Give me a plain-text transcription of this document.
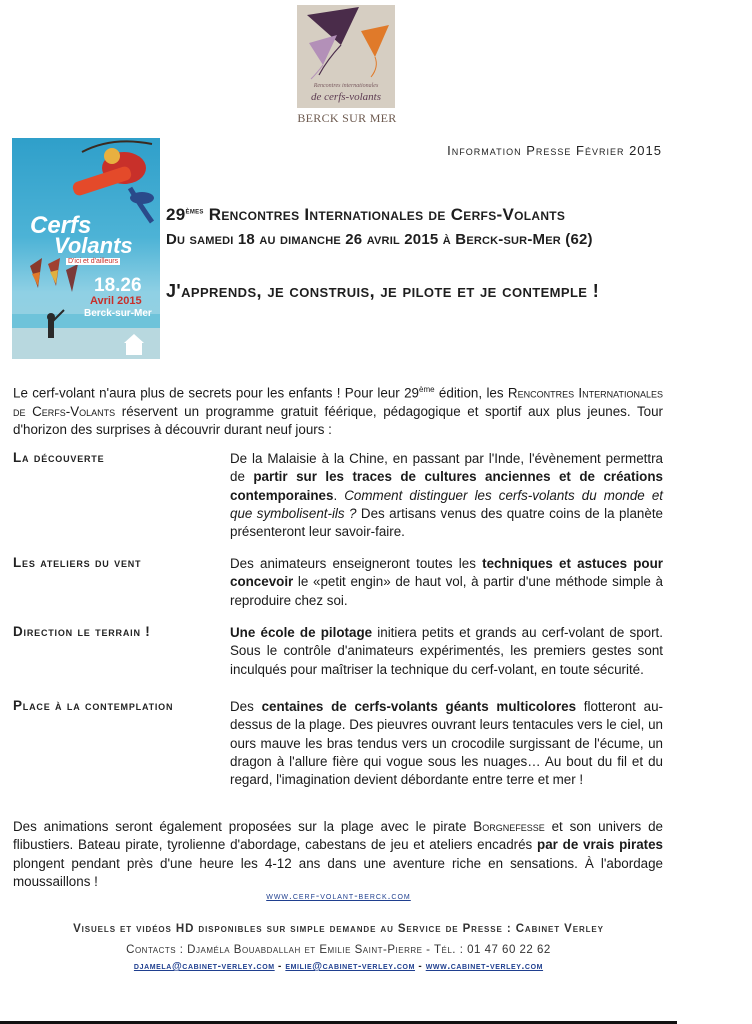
Rencontres internationales
de cerfs-volants
BERCK SUR MER
Information Presse Février 2015
Cerfs
Volants
D'ici et d'ailleurs
18.26
Avril 2015
Berck-sur-Mer
29èmes Rencontres Internationales de Cerfs-Volants
Du samedi 18 au dimanche 26 avril 2015 à Berck-sur-Mer (62)
J'apprends, je construis, je pilote et je contemple !
Le cerf-volant n'aura plus de secrets pour les enfants ! Pour leur 29ème édition, les Rencontres Internationales de Cerfs-Volants réservent un programme gratuit féérique, pédagogique et sportif aux plus jeunes. Tour d'horizon des surprises à découvrir durant neuf jours :
La découverte	De la Malaisie à la Chine, en passant par l'Inde, l'évènement permettra de partir sur les traces de cultures anciennes et de créations contemporaines. Comment distinguer les cerfs-volants du monde et que symbolisent-ils ? Des artisans venus des quatre coins de la planète présenteront leur savoir-faire.
Les ateliers du vent	Des animateurs enseigneront toutes les techniques et astuces pour concevoir le «petit engin» de haut vol, à partir d'une méthode simple à reproduire chez soi.
Direction le terrain !	Une école de pilotage initiera petits et grands au cerf-volant de sport. Sous le contrôle d'animateurs expérimentés, les premiers gestes sont inculqués pour maîtriser la technique du cerf-volant, en toute sécurité.
Place à la contemplation	Des centaines de cerfs-volants géants multicolores flotteront au-dessus de la plage. Des pieuvres ouvrant leurs tentacules vers le ciel, un ours mauve les bras tendus vers un crocodile surgissant de l'écume, un dragon à l'allure fière qui vogue sous les nuages… Au bout du fil et du regard, l'imagination devient débordante entre terre et mer !
Des animations seront également proposées sur la plage avec le pirate Borgnefesse et son univers de flibustiers. Bateau pirate, tyrolienne d'abordage, cabestans de jeu et ateliers encadrés par de vrais pirates plongent pendant près d'une heure les 4-12 ans dans une aventure riche en sensations. À l'abordage moussaillons !
www.cerf-volant-berck.com
Visuels et vidéos HD disponibles sur simple demande au Service de Presse : Cabinet Verley
Contacts : Djaméla Bouabdallah et Emilie Saint-Pierre - Tél. : 01 47 60 22 62
djamela@cabinet-verley.com - emilie@cabinet-verley.com - www.cabinet-verley.com
